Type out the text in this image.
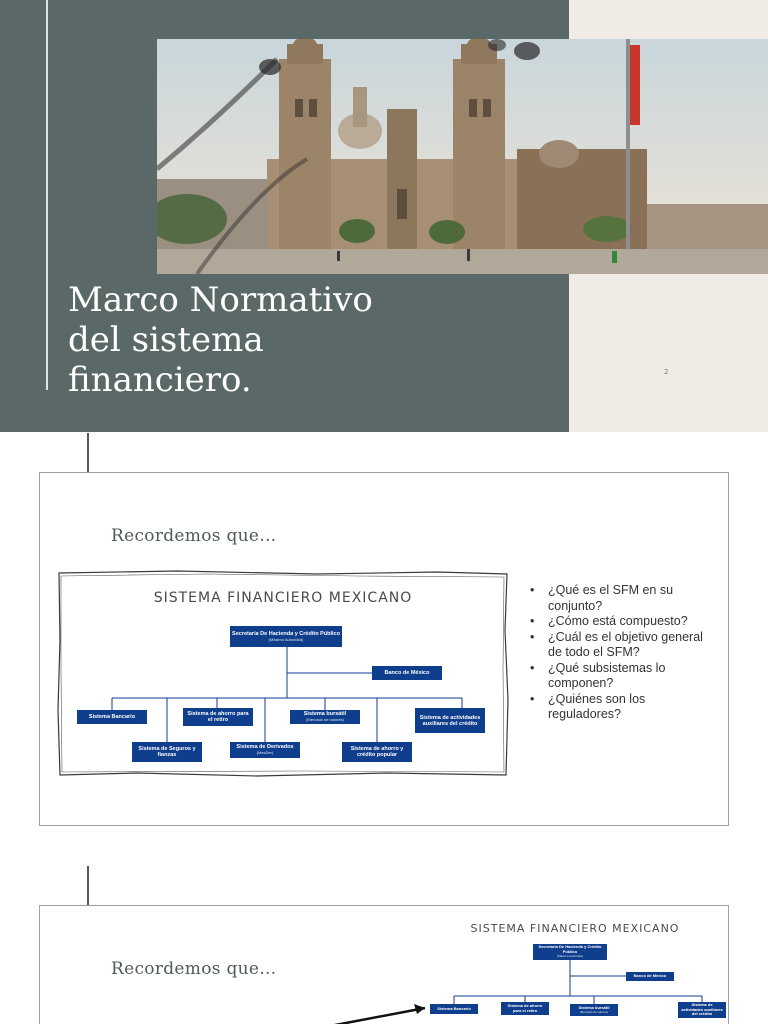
Marco Normativo
del sistema
financiero.
Recordemos que…
SISTEMA FINANCIERO MEXICANO
Secretaría De Hacienda y Crédito Público
(Máximo Autoridad)
Banco de México
Sistema Bancario	Sistema de ahorro para el retiro
Sistema bursátil
(Mercado de valores)	Sistema de actividades auxiliares del crédito
Sistema de Seguros y fianzas
Sistema de Derivados
(MexDer)
Sistema de ahorro y crédito popular
• ¿Qué es el SFM en su conjunto?
• ¿Cómo está compuesto?
• ¿Cuál es el objetivo general de todo el SFM?
• ¿Qué subsistemas lo componen?
• ¿Quiénes son los reguladores?
2
Recordemos que…
SISTEMA FINANCIERO MEXICANO
Secretaría De Hacienda y Crédito Público
(Máximo Autoridad)
Banco de México
Sistema Bancario
Sistema de ahorro para el retiro
Sistema bursátil
(Mercado de valores)
Sistema de actividades auxiliares del crédito
